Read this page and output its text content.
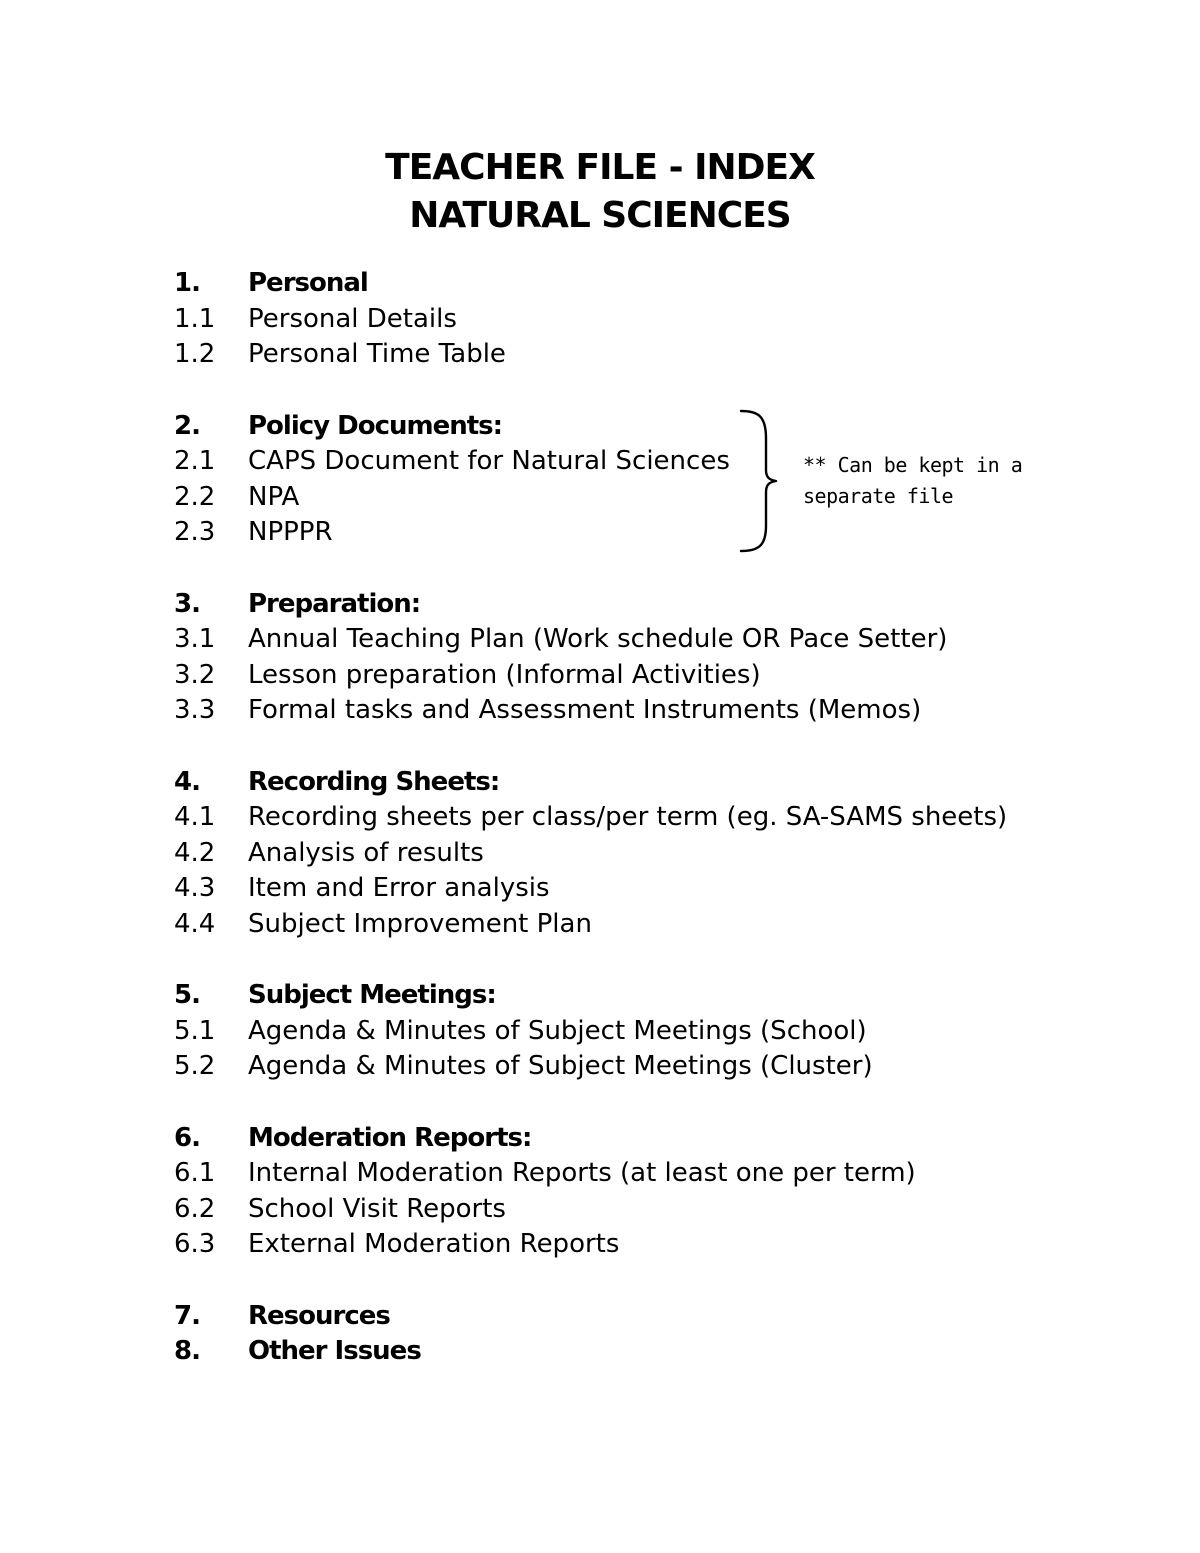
TEACHER FILE - INDEX
NATURAL SCIENCES
1.	Personal
1.1	Personal Details
1.2	Personal Time Table
2.	Policy Documents:
2.1	CAPS Document for Natural Sciences
2.2	NPA
2.3	NPPPR
3.	Preparation:
3.1	Annual Teaching Plan (Work schedule OR Pace Setter)
3.2	Lesson preparation (Informal Activities)
3.3	Formal tasks and Assessment Instruments (Memos)
4.	Recording Sheets:
4.1	Recording sheets per class/per term (eg. SA-SAMS sheets)
4.2	Analysis of results
4.3	Item and Error analysis
4.4	Subject Improvement Plan
5.	Subject Meetings:
5.1	Agenda & Minutes of Subject Meetings (School)
5.2	Agenda & Minutes of Subject Meetings (Cluster)
6.	Moderation Reports:
6.1	Internal Moderation Reports (at least one per term)
6.2	School Visit Reports
6.3	External Moderation Reports
7.	Resources
8.	Other Issues
** Can be kept in a
separate file
